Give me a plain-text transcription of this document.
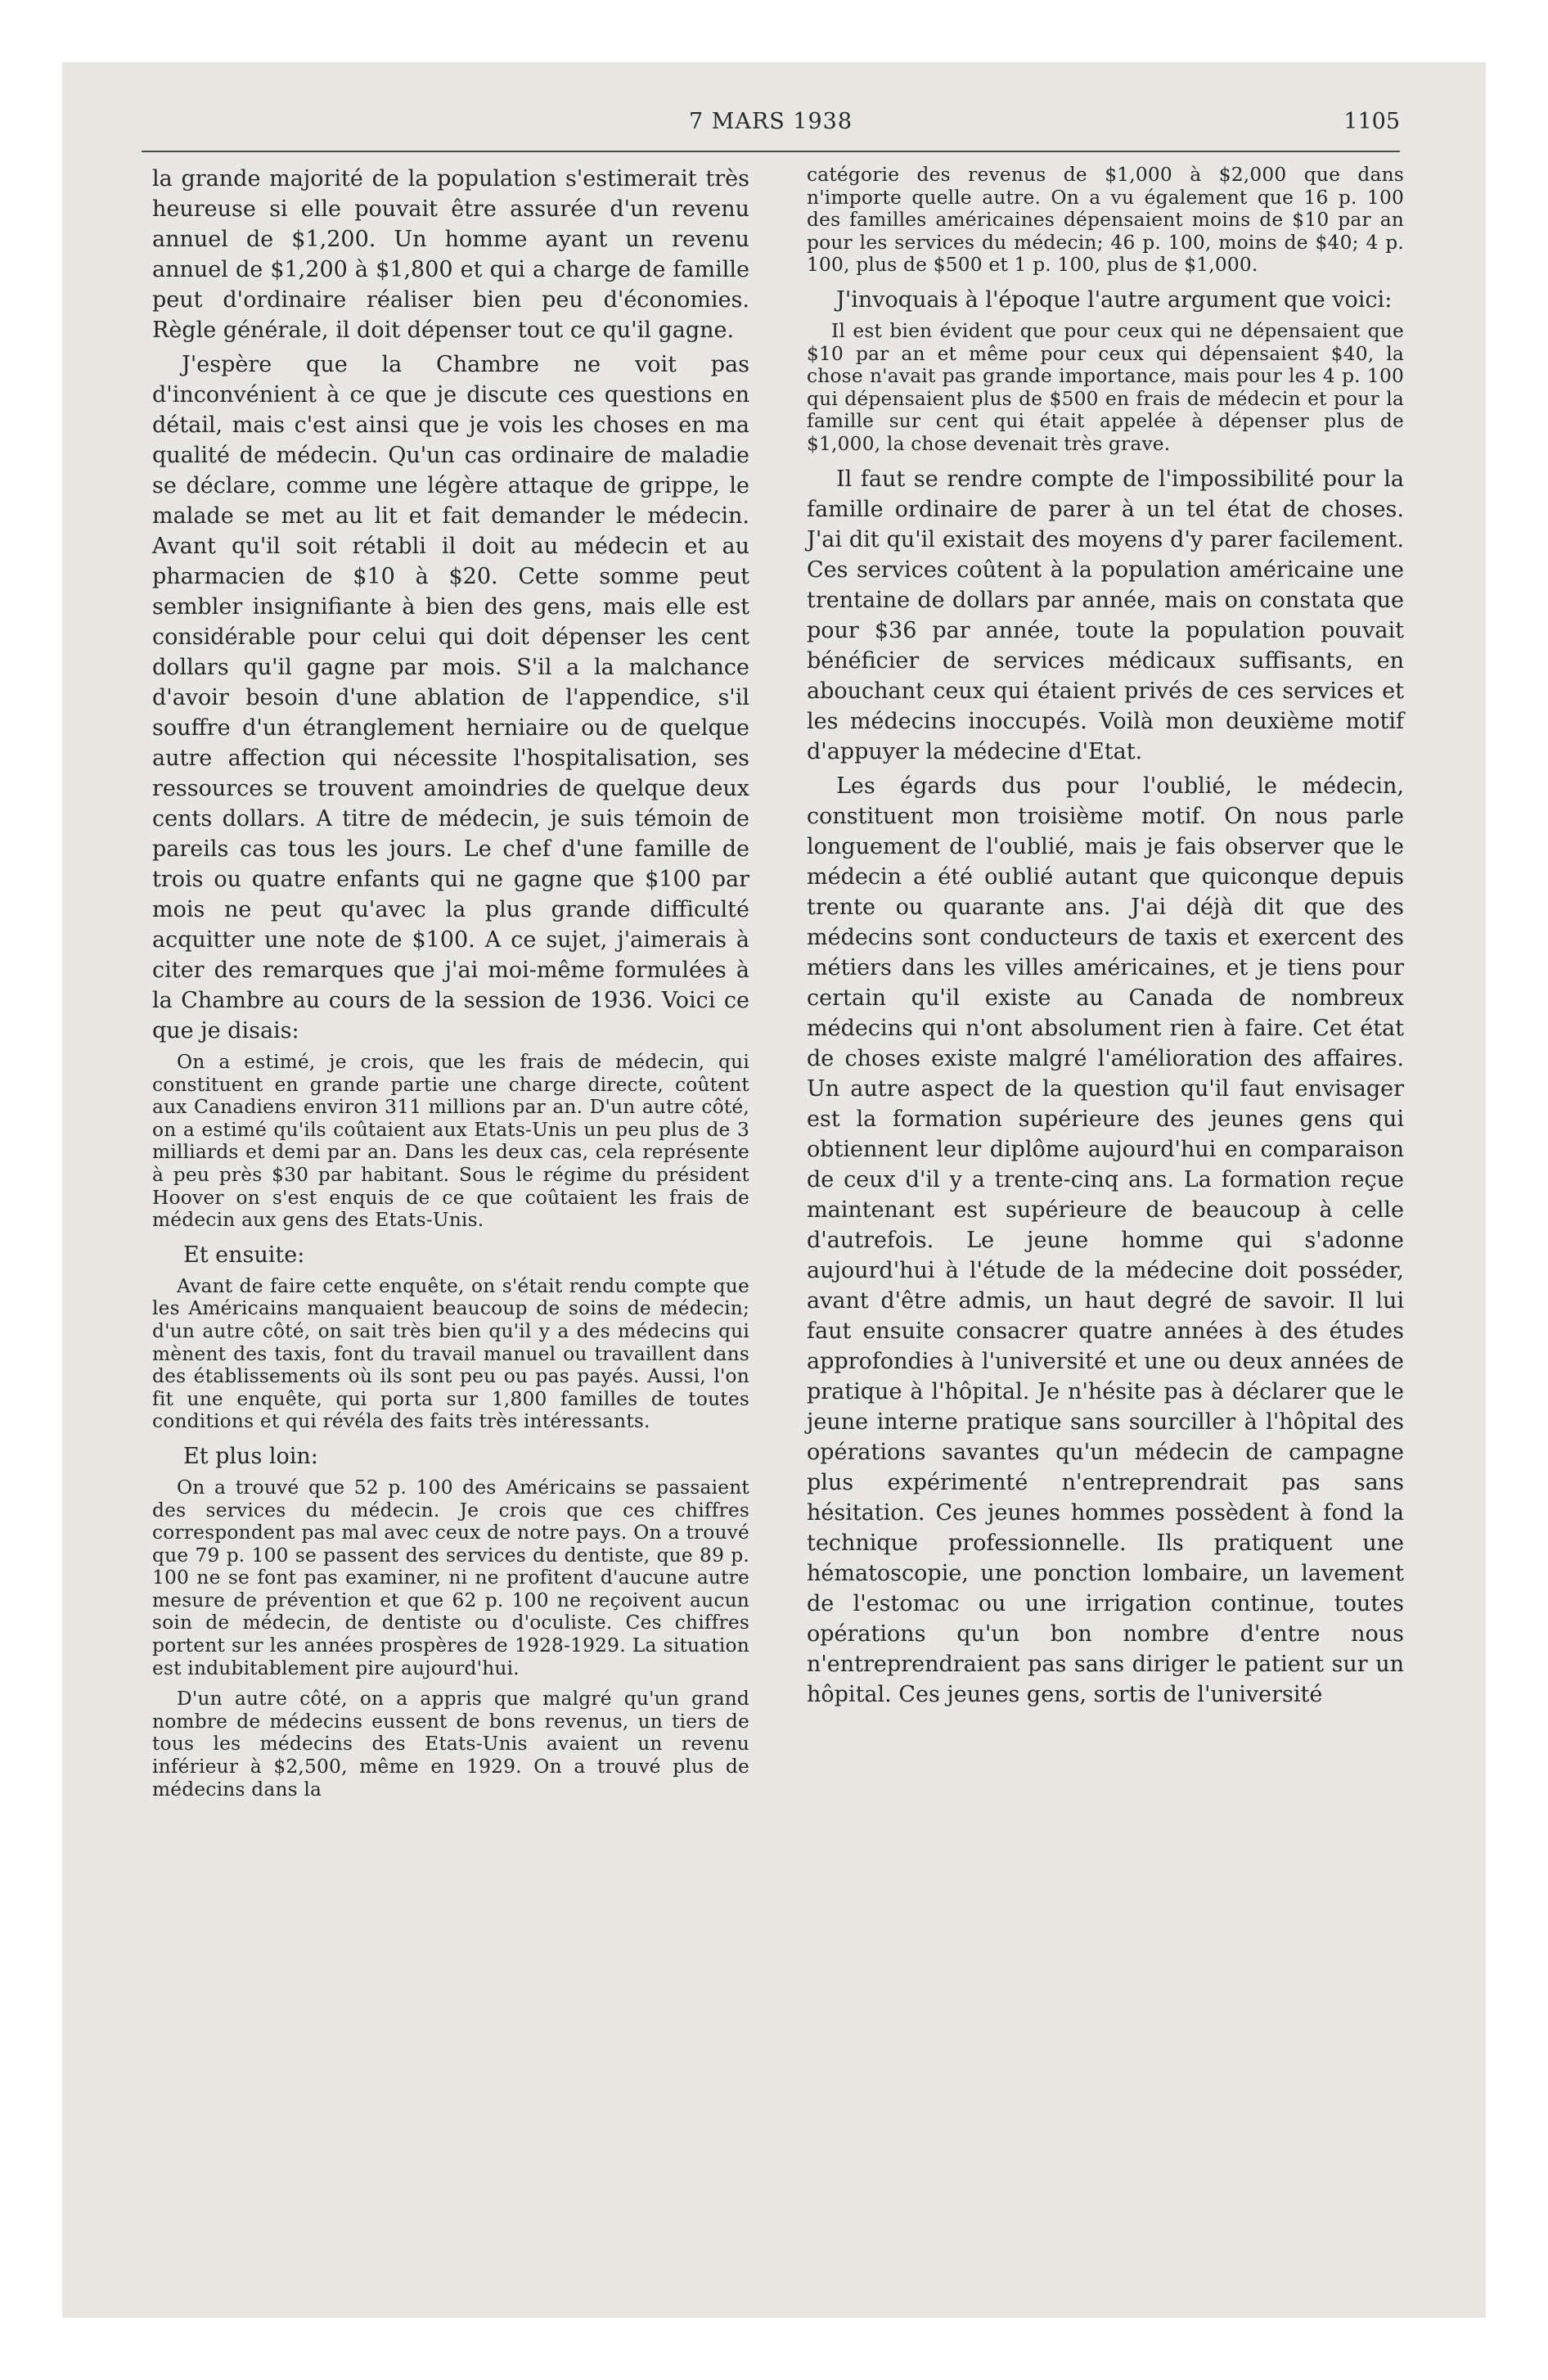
7 MARS 1938	1105

la grande majorité de la population s'estimerait très heureuse si elle pouvait être assurée d'un revenu annuel de $1,200. Un homme ayant un revenu annuel de $1,200 à $1,800 et qui a charge de famille peut d'ordinaire réaliser bien peu d'économies. Règle générale, il doit dépenser tout ce qu'il gagne.

J'espère que la Chambre ne voit pas d'inconvénient à ce que je discute ces questions en détail, mais c'est ainsi que je vois les choses en ma qualité de médecin. Qu'un cas ordinaire de maladie se déclare, comme une légère attaque de grippe, le malade se met au lit et fait demander le médecin. Avant qu'il soit rétabli il doit au médecin et au pharmacien de $10 à $20. Cette somme peut sembler insignifiante à bien des gens, mais elle est considérable pour celui qui doit dépenser les cent dollars qu'il gagne par mois. S'il a la malchance d'avoir besoin d'une ablation de l'appendice, s'il souffre d'un étranglement herniaire ou de quelque autre affection qui nécessite l'hospitalisation, ses ressources se trouvent amoindries de quelque deux cents dollars. A titre de médecin, je suis témoin de pareils cas tous les jours. Le chef d'une famille de trois ou quatre enfants qui ne gagne que $100 par mois ne peut qu'avec la plus grande difficulté acquitter une note de $100. A ce sujet, j'aimerais à citer des remarques que j'ai moi-même formulées à la Chambre au cours de la session de 1936. Voici ce que je disais:

On a estimé, je crois, que les frais de médecin, qui constituent en grande partie une charge directe, coûtent aux Canadiens environ 311 millions par an. D'un autre côté, on a estimé qu'ils coûtaient aux Etats-Unis un peu plus de 3 milliards et demi par an. Dans les deux cas, cela représente à peu près $30 par habitant. Sous le régime du président Hoover on s'est enquis de ce que coûtaient les frais de médecin aux gens des Etats-Unis.

Et ensuite:

Avant de faire cette enquête, on s'était rendu compte que les Américains manquaient beaucoup de soins de médecin; d'un autre côté, on sait très bien qu'il y a des médecins qui mènent des taxis, font du travail manuel ou travaillent dans des établissements où ils sont peu ou pas payés. Aussi, l'on fit une enquête, qui porta sur 1,800 familles de toutes conditions et qui révéla des faits très intéressants.

Et plus loin:

On a trouvé que 52 p. 100 des Américains se passaient des services du médecin. Je crois que ces chiffres correspondent pas mal avec ceux de notre pays. On a trouvé que 79 p. 100 se passent des services du dentiste, que 89 p. 100 ne se font pas examiner, ni ne profitent d'aucune autre mesure de prévention et que 62 p. 100 ne reçoivent aucun soin de médecin, de dentiste ou d'oculiste. Ces chiffres portent sur les années prospères de 1928-1929. La situation est indubitablement pire aujourd'hui.

D'un autre côté, on a appris que malgré qu'un grand nombre de médecins eussent de bons revenus, un tiers de tous les médecins des Etats-Unis avaient un revenu inférieur à $2,500, même en 1929. On a trouvé plus de médecins dans la

catégorie des revenus de $1,000 à $2,000 que dans n'importe quelle autre. On a vu également que 16 p. 100 des familles américaines dépensaient moins de $10 par an pour les services du médecin; 46 p. 100, moins de $40; 4 p. 100, plus de $500 et 1 p. 100, plus de $1,000.

J'invoquais à l'époque l'autre argument que voici:

Il est bien évident que pour ceux qui ne dépensaient que $10 par an et même pour ceux qui dépensaient $40, la chose n'avait pas grande importance, mais pour les 4 p. 100 qui dépensaient plus de $500 en frais de médecin et pour la famille sur cent qui était appelée à dépenser plus de $1,000, la chose devenait très grave.

Il faut se rendre compte de l'impossibilité pour la famille ordinaire de parer à un tel état de choses. J'ai dit qu'il existait des moyens d'y parer facilement. Ces services coûtent à la population américaine une trentaine de dollars par année, mais on constata que pour $36 par année, toute la population pouvait bénéficier de services médicaux suffisants, en abouchant ceux qui étaient privés de ces services et les médecins inoccupés. Voilà mon deuxième motif d'appuyer la médecine d'Etat.

Les égards dus pour l'oublié, le médecin, constituent mon troisième motif. On nous parle longuement de l'oublié, mais je fais observer que le médecin a été oublié autant que quiconque depuis trente ou quarante ans. J'ai déjà dit que des médecins sont conducteurs de taxis et exercent des métiers dans les villes américaines, et je tiens pour certain qu'il existe au Canada de nombreux médecins qui n'ont absolument rien à faire. Cet état de choses existe malgré l'amélioration des affaires. Un autre aspect de la question qu'il faut envisager est la formation supérieure des jeunes gens qui obtiennent leur diplôme aujourd'hui en comparaison de ceux d'il y a trente-cinq ans. La formation reçue maintenant est supérieure de beaucoup à celle d'autrefois. Le jeune homme qui s'adonne aujourd'hui à l'étude de la médecine doit posséder, avant d'être admis, un haut degré de savoir. Il lui faut ensuite consacrer quatre années à des études approfondies à l'université et une ou deux années de pratique à l'hôpital. Je n'hésite pas à déclarer que le jeune interne pratique sans sourciller à l'hôpital des opérations savantes qu'un médecin de campagne plus expérimenté n'entreprendrait pas sans hésitation. Ces jeunes hommes possèdent à fond la technique professionnelle. Ils pratiquent une hématoscopie, une ponction lombaire, un lavement de l'estomac ou une irrigation continue, toutes opérations qu'un bon nombre d'entre nous n'entreprendraient pas sans diriger le patient sur un hôpital. Ces jeunes gens, sortis de l'université
